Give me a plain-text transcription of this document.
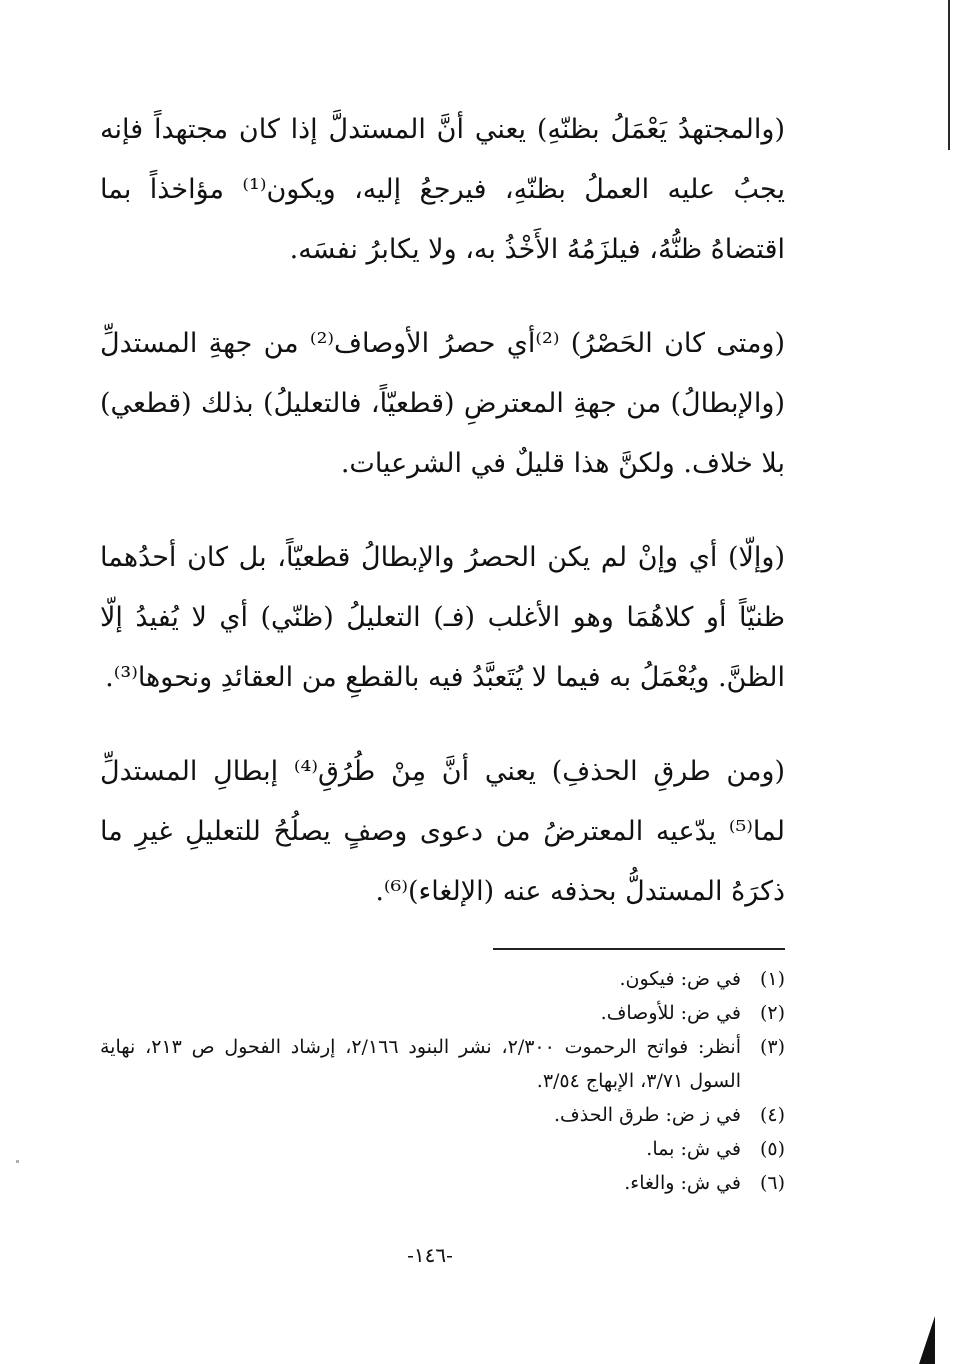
(والمجتهدُ يَعْمَلُ بظنّهِ) يعني أنَّ المستدلَّ إذا كان مجتهداً فإنه يجبُ عليه العملُ بظنّهِ، فيرجعُ إليه، ويكون⁽¹⁾ مؤاخذاً بما اقتضاهُ ظنُّهُ، فيلزَمُهُ الأَخْذُ به، ولا يكابرُ نفسَه.

(ومتى كان الحَصْرُ) ⁽²⁾أي حصرُ الأوصاف⁽²⁾ من جهةِ المستدلِّ (والإبطالُ) من جهةِ المعترضِ (قطعيّاً، فالتعليلُ) بذلك (قطعي) بلا خلاف. ولكنَّ هذا قليلٌ في الشرعيات.

(وإلّا) أي وإنْ لم يكن الحصرُ والإبطالُ قطعيّاً، بل كان أحدُهما ظنيّاً أو كلاهُمَا وهو الأغلب (فـ) التعليلُ (ظنّي) أي لا يُفيدُ إلّا الظنَّ. ويُعْمَلُ به فيما لا يُتَعبَّدُ فيه بالقطعِ من العقائدِ ونحوها⁽³⁾.

(ومن طرقِ الحذفِ) يعني أنَّ مِنْ طُرُقِ⁽⁴⁾ إبطالِ المستدلِّ لما⁽⁵⁾ يدّعيه المعترضُ من دعوى وصفٍ يصلُحُ للتعليلِ غيرِ ما ذكرَهُ المستدلُّ بحذفه عنه (الإلغاء)⁽⁶⁾.

(١)
في ض: فيكون.
(٢)
في ض: للأوصاف.
(٣)
أنظر: فواتح الرحموت ٢/٣٠٠، نشر البنود ٢/١٦٦، إرشاد الفحول ص ٢١٣، نهاية السول ٣/٧١، الإبهاج ٣/٥٤.
(٤)
في ز ض: طرق الحذف.
(٥)
في ش: بما.
(٦)
في ش: والغاء.
-١٤٦-
